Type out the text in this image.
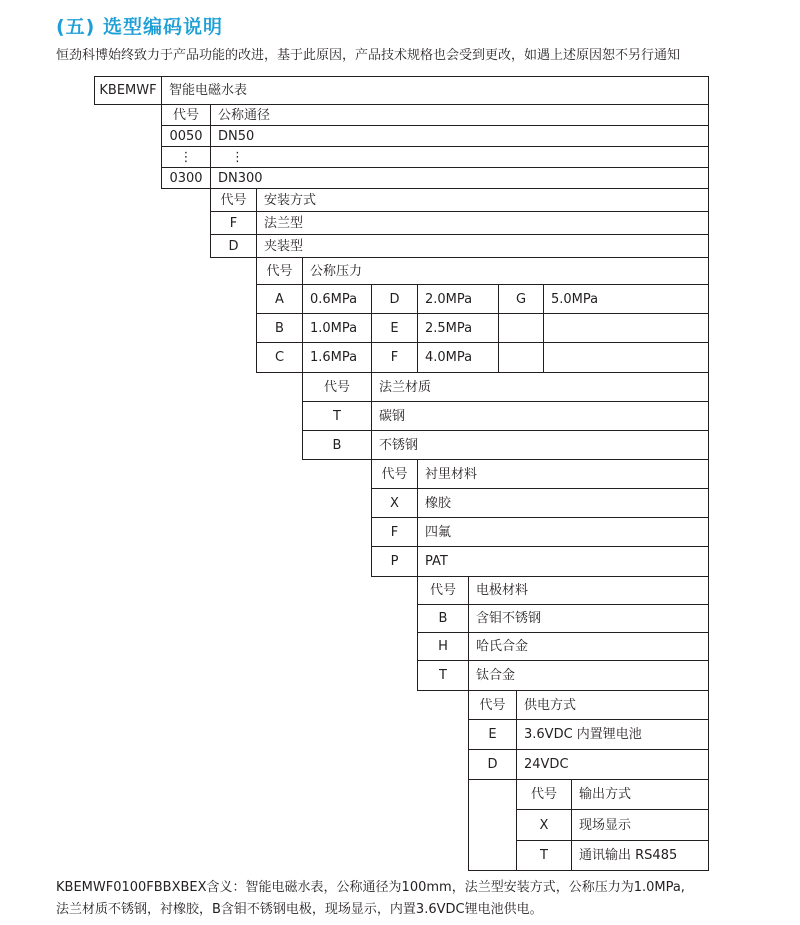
(五) 选型编码说明
恒劲科博始终致力于产品功能的改进，基于此原因，产品技术规格也会受到更改，如遇上述原因恕不另行通知
KBEMWF 智能电磁水表
代号	公称通径
0050	DN50
⋮	⋮
0300	DN300
代号	安装方式
F	法兰型
D	夹装型
代号	公称压力
A	0.6MPa	D	2.0MPa	G	5.0MPa
B	1.0MPa	E	2.5MPa
C	1.6MPa	F	4.0MPa
代号	法兰材质
T	碳钢
B	不锈钢
代号	衬里材料
X	橡胶
F	四氟
P	PAT
代号	电极材料
B	含钼不锈钢
H	哈氏合金
T	钛合金
代号	供电方式
E	3.6VDC 内置锂电池
D	24VDC
代号	输出方式
X	现场显示
T	通讯输出 RS485
KBEMWF0100FBBXBEX含义：智能电磁水表，公称通径为100mm，法兰型安装方式，公称压力为1.0MPa,
法兰材质不锈钢，衬橡胶，B含钼不锈钢电极，现场显示，内置3.6VDC锂电池供电。
